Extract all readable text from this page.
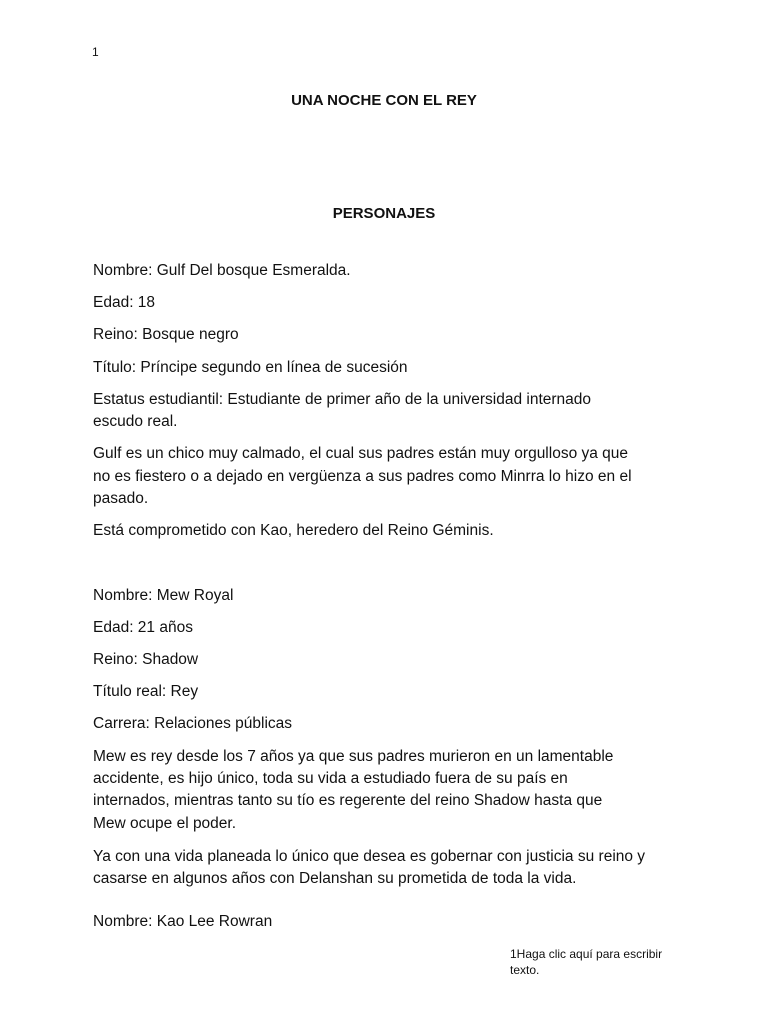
1
UNA NOCHE CON EL REY
PERSONAJES
Nombre: Gulf Del bosque Esmeralda.
Edad: 18
Reino: Bosque negro
Título: Príncipe segundo en línea de sucesión
Estatus estudiantil: Estudiante de primer año de la universidad internado
escudo real.
Gulf es un chico muy calmado, el cual sus padres están muy orgulloso ya que
no es fiestero o a dejado en vergüenza a sus padres como Minrra lo hizo en el
pasado.
Está comprometido con Kao, heredero del Reino Géminis.
Nombre: Mew Royal
Edad: 21 años
Reino: Shadow
Título real: Rey
Carrera: Relaciones públicas
Mew es rey desde los 7 años ya que sus padres murieron en un lamentable
accidente, es hijo único, toda su vida a estudiado fuera de su país en
internados, mientras tanto su tío es regerente del reino Shadow hasta que
Mew ocupe el poder.
Ya con una vida planeada lo único que desea es gobernar con justicia su reino y
casarse en algunos años con Delanshan su prometida de toda la vida.
Nombre: Kao Lee Rowran
1Haga clic aquí para escribir
texto.
